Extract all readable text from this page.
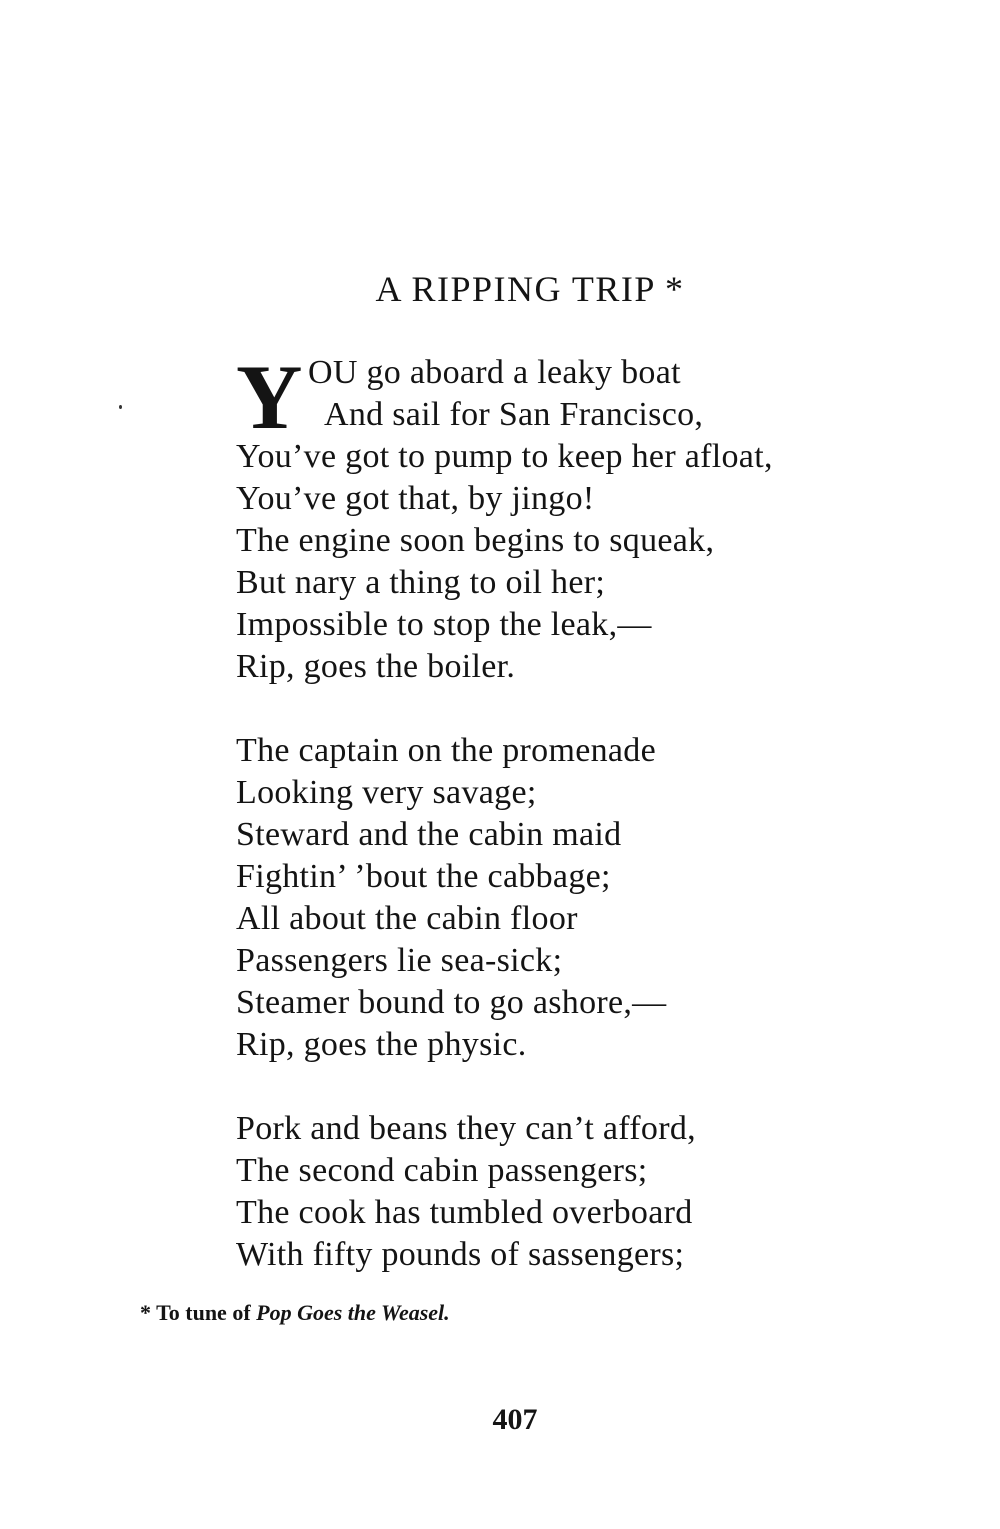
A RIPPING TRIP *
Y OU go aboard a leaky boat
And sail for San Francisco,
You’ve got to pump to keep her afloat,
You’ve got that, by jingo!
The engine soon begins to squeak,
But nary a thing to oil her;
Impossible to stop the leak,—
Rip, goes the boiler.
The captain on the promenade
Looking very savage;
Steward and the cabin maid
Fightin’ ’bout the cabbage;
All about the cabin floor
Passengers lie sea-sick;
Steamer bound to go ashore,—
Rip, goes the physic.
Pork and beans they can’t afford,
The second cabin passengers;
The cook has tumbled overboard
With fifty pounds of sassengers;
* To tune of Pop Goes the Weasel.
407
